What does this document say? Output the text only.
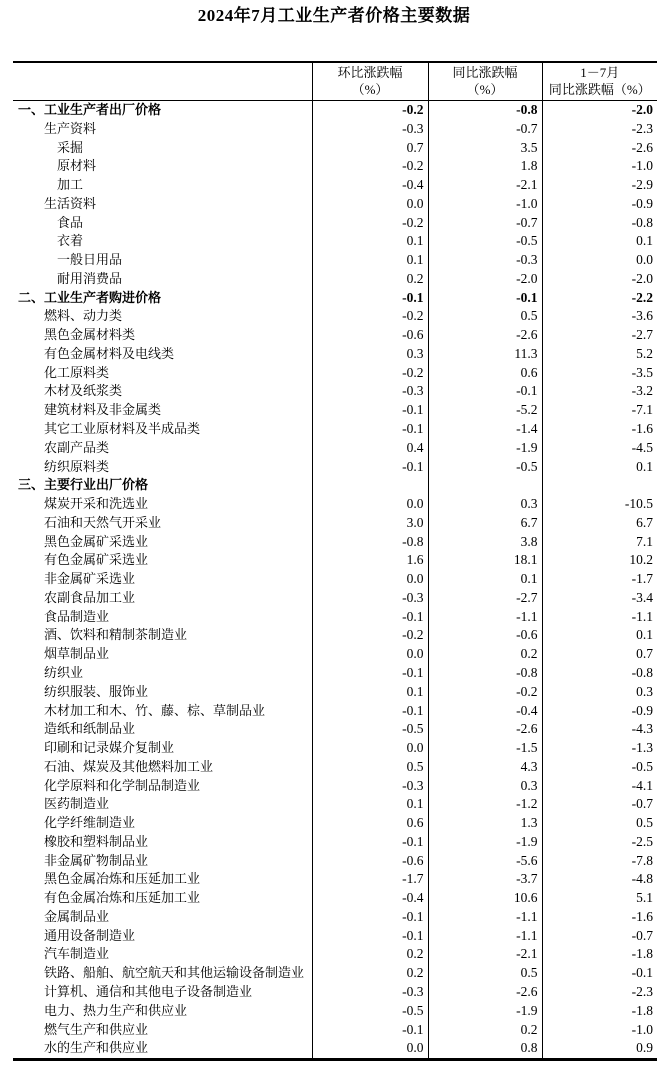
2024年7月工业生产者价格主要数据

环比涨跌幅
（%）

同比涨跌幅
（%）

1－7月
同比涨跌幅（%）

一、工业生产者出厂价格	-0.2	-0.8	-2.0
生产资料	-0.3	-0.7	-2.3
采掘	0.7	3.5	-2.6
原材料	-0.2	1.8	-1.0
加工	-0.4	-2.1	-2.9
生活资料	0.0	-1.0	-0.9
食品	-0.2	-0.7	-0.8
衣着	0.1	-0.5	0.1
一般日用品	0.1	-0.3	0.0
耐用消费品	0.2	-2.0	-2.0
二、工业生产者购进价格	-0.1	-0.1	-2.2
燃料、动力类	-0.2	0.5	-3.6
黑色金属材料类	-0.6	-2.6	-2.7
有色金属材料及电线类	0.3	11.3	5.2
化工原料类	-0.2	0.6	-3.5
木材及纸浆类	-0.3	-0.1	-3.2
建筑材料及非金属类	-0.1	-5.2	-7.1
其它工业原材料及半成品类	-0.1	-1.4	-1.6
农副产品类	0.4	-1.9	-4.5
纺织原料类	-0.1	-0.5	0.1
三、主要行业出厂价格			
煤炭开采和洗选业	0.0	0.3	-10.5
石油和天然气开采业	3.0	6.7	6.7
黑色金属矿采选业	-0.8	3.8	7.1
有色金属矿采选业	1.6	18.1	10.2
非金属矿采选业	0.0	0.1	-1.7
农副食品加工业	-0.3	-2.7	-3.4
食品制造业	-0.1	-1.1	-1.1
酒、饮料和精制茶制造业	-0.2	-0.6	0.1
烟草制品业	0.0	0.2	0.7
纺织业	-0.1	-0.8	-0.8
纺织服装、服饰业	0.1	-0.2	0.3
木材加工和木、竹、藤、棕、草制品业	-0.1	-0.4	-0.9
造纸和纸制品业	-0.5	-2.6	-4.3
印刷和记录媒介复制业	0.0	-1.5	-1.3
石油、煤炭及其他燃料加工业	0.5	4.3	-0.5
化学原料和化学制品制造业	-0.3	0.3	-4.1
医药制造业	0.1	-1.2	-0.7
化学纤维制造业	0.6	1.3	0.5
橡胶和塑料制品业	-0.1	-1.9	-2.5
非金属矿物制品业	-0.6	-5.6	-7.8
黑色金属冶炼和压延加工业	-1.7	-3.7	-4.8
有色金属冶炼和压延加工业	-0.4	10.6	5.1
金属制品业	-0.1	-1.1	-1.6
通用设备制造业	-0.1	-1.1	-0.7
汽车制造业	0.2	-2.1	-1.8
铁路、船舶、航空航天和其他运输设备制造业	0.2	0.5	-0.1
计算机、通信和其他电子设备制造业	-0.3	-2.6	-2.3
电力、热力生产和供应业	-0.5	-1.9	-1.8
燃气生产和供应业	-0.1	0.2	-1.0
水的生产和供应业	0.0	0.8	0.9
